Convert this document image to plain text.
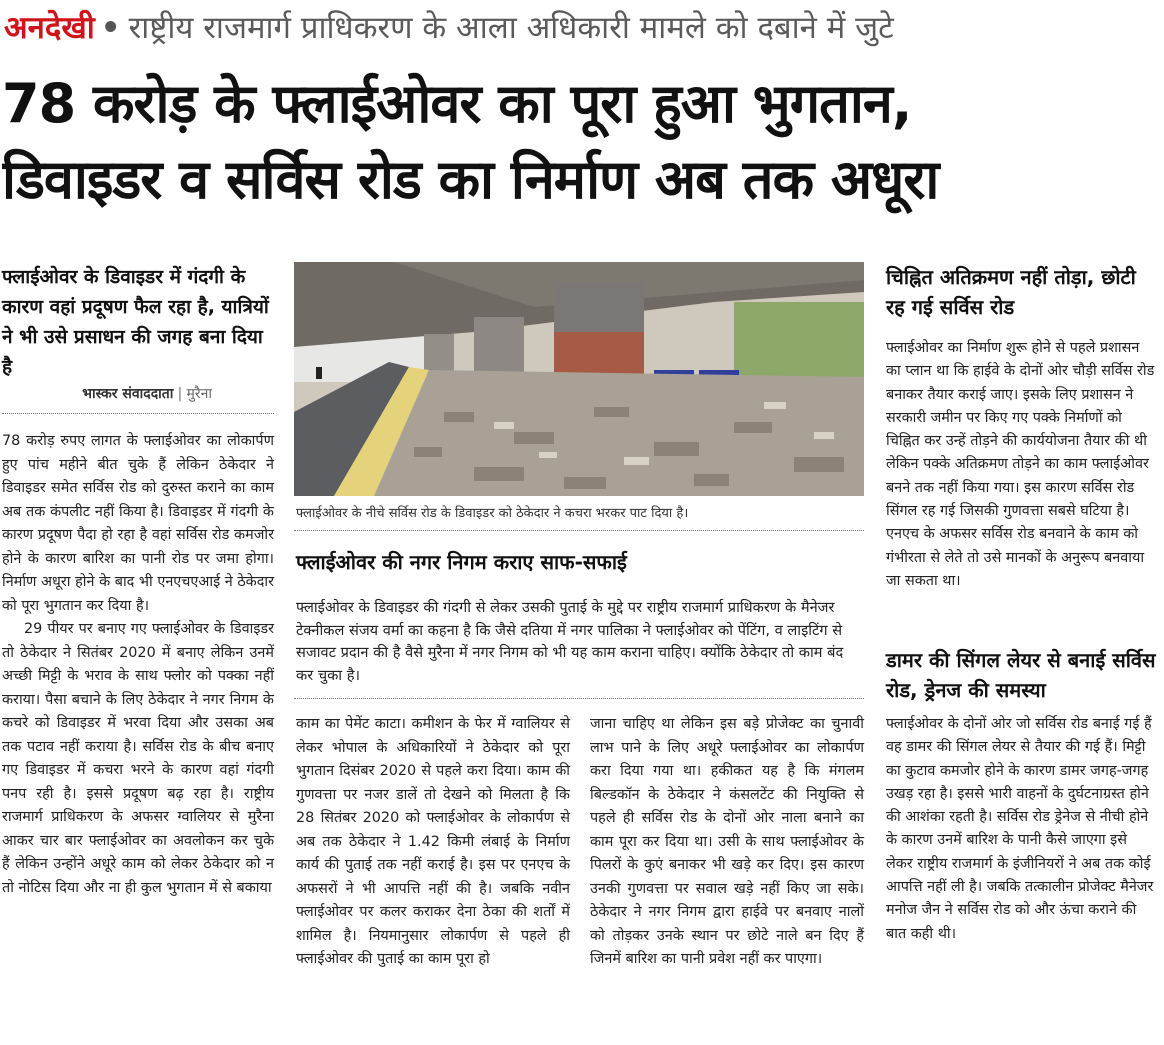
अनदेखी • राष्ट्रीय राजमार्ग प्राधिकरण के आला अधिकारी मामले को दबाने में जुटे
78 करोड़ के फ्लाईओवर का पूरा हुआ भुगतान,
डिवाइडर व सर्विस रोड का निर्माण अब तक अधूरा
फ्लाईओवर के डिवाइडर में गंदगी के कारण वहां प्रदूषण फैल रहा है, यात्रियों ने भी उसे प्रसाधन की जगह बना दिया है
भास्कर संवाददाता | मुरैना

78 करोड़ रुपए लागत के फ्लाईओवर का लोकार्पण हुए पांच महीने बीत चुके हैं लेकिन ठेकेदार ने डिवाइडर समेत सर्विस रोड को दुरुस्त कराने का काम अब तक कंपलीट नहीं किया है। डिवाइडर में गंदगी के कारण प्रदूषण पैदा हो रहा है वहां सर्विस रोड कमजोर होने के कारण बारिश का पानी रोड पर जमा होगा। निर्माण अधूरा होने के बाद भी एनएचएआई ने ठेकेदार को पूरा भुगतान कर दिया है।

29 पीयर पर बनाए गए फ्लाईओवर के डिवाइडर तो ठेकेदार ने सितंबर 2020 में बनाए लेकिन उनमें अच्छी मिट्टी के भराव के साथ फ्लोर को पक्का नहीं कराया। पैसा बचाने के लिए ठेकेदार ने नगर निगम के कचरे को डिवाइडर में भरवा दिया और उसका अब तक पटाव नहीं कराया है। सर्विस रोड के बीच बनाए गए डिवाइडर में कचरा भरने के कारण वहां गंदगी पनप रही है। इससे प्रदूषण बढ़ रहा है। राष्ट्रीय राजमार्ग प्राधिकरण के अफसर ग्वालियर से मुरैना आकर चार बार फ्लाईओवर का अवलोकन कर चुके हैं लेकिन उन्होंने अधूरे काम को लेकर ठेकेदार को न तो नोटिस दिया और ना ही कुल भुगतान में से बकाया

फ्लाईओवर के नीचे सर्विस रोड के डिवाइडर को ठेकेदार ने कचरा भरकर पाट दिया है।
फ्लाईओवर की नगर निगम कराए साफ-सफाई
फ्लाईओवर के डिवाइडर की गंदगी से लेकर उसकी पुताई के मुद्दे पर राष्ट्रीय राजमार्ग प्राधिकरण के मैनेजर टेक्नीकल संजय वर्मा का कहना है कि जैसे दतिया में नगर पालिका ने फ्लाईओवर को पेंटिंग, व लाइटिंग से सजावट प्रदान की है वैसे मुरैना में नगर निगम को भी यह काम कराना चाहिए। क्योंकि ठेकेदार तो काम बंद कर चुका है।
काम का पेमेंट काटा। कमीशन के फेर में ग्वालियर से लेकर भोपाल के अधिकारियों ने ठेकेदार को पूरा भुगतान दिसंबर 2020 से पहले करा दिया। काम की गुणवत्ता पर नजर डालें तो देखने को मिलता है कि 28 सितंबर 2020 को फ्लाईओवर के लोकार्पण से अब तक ठेकेदार ने 1.42 किमी लंबाई के निर्माण कार्य की पुताई तक नहीं कराई है। इस पर एनएच के अफसरों ने भी आपत्ति नहीं की है। जबकि नवीन फ्लाईओवर पर कलर कराकर देना ठेका की शर्तों में शामिल है। नियमानुसार लोकार्पण से पहले ही फ्लाईओवर की पुताई का काम पूरा हो
जाना चाहिए था लेकिन इस बड़े प्रोजेक्ट का चुनावी लाभ पाने के लिए अधूरे फ्लाईओवर का लोकार्पण करा दिया गया था। हकीकत यह है कि मंगलम बिल्डकॉन के ठेकेदार ने कंसलटेंट की नियुक्ति से पहले ही सर्विस रोड के दोनों ओर नाला बनाने का काम पूरा कर दिया था। उसी के साथ फ्लाईओवर के पिलरों के कुएं बनाकर भी खड़े कर दिए। इस कारण उनकी गुणवत्ता पर सवाल खड़े नहीं किए जा सके। ठेकेदार ने नगर निगम द्वारा हाईवे पर बनवाए नालों को तोड़कर उनके स्थान पर छोटे नाले बन दिए हैं जिनमें बारिश का पानी प्रवेश नहीं कर पाएगा।
चिह्नित अतिक्रमण नहीं तोड़ा, छोटी रह गई सर्विस रोड
फ्लाईओवर का निर्माण शुरू होने से पहले प्रशासन का प्लान था कि हाईवे के दोनों ओर चौड़ी सर्विस रोड बनाकर तैयार कराई जाए। इसके लिए प्रशासन ने सरकारी जमीन पर किए गए पक्के निर्माणों को चिह्नित कर उन्हें तोड़ने की कार्ययोजना तैयार की थी लेकिन पक्के अतिक्रमण तोड़ने का काम फ्लाईओवर बनने तक नहीं किया गया। इस कारण सर्विस रोड सिंगल रह गई जिसकी गुणवत्ता सबसे घटिया है। एनएच के अफसर सर्विस रोड बनवाने के काम को गंभीरता से लेते तो उसे मानकों के अनुरूप बनवाया जा सकता था।
डामर की सिंगल लेयर से बनाई सर्विस रोड, ड्रेनज की समस्या
फ्लाईओवर के दोनों ओर जो सर्विस रोड बनाई गई हैं वह डामर की सिंगल लेयर से तैयार की गई हैं। मिट्टी का कुटाव कमजोर होने के कारण डामर जगह-जगह उखड़ रहा है। इससे भारी वाहनों के दुर्घटनाग्रस्त होने की आशंका रहती है। सर्विस रोड ड्रेनेज से नीची होने के कारण उनमें बारिश के पानी कैसे जाएगा इसे लेकर राष्ट्रीय राजमार्ग के इंजीनियरों ने अब तक कोई आपत्ति नहीं ली है। जबकि तत्कालीन प्रोजेक्ट मैनेजर मनोज जैन ने सर्विस रोड को और ऊंचा कराने की बात कही थी।
